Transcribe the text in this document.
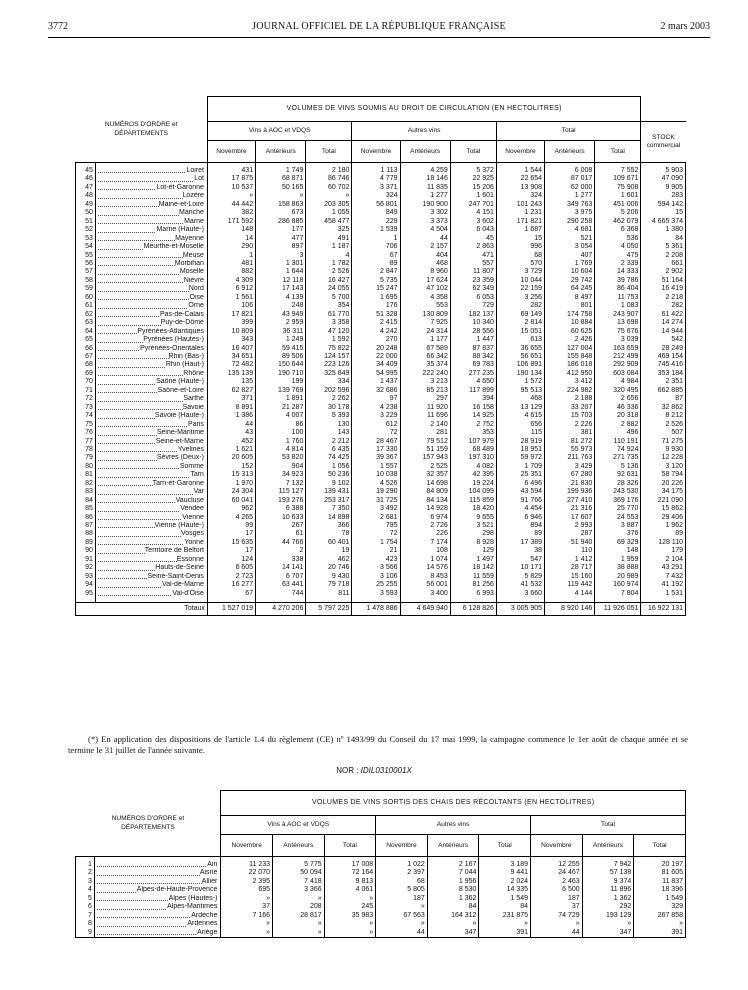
3772	JOURNAL OFFICIEL DE LA RÉPUBLIQUE FRANÇAISE	2 mars 2003
NUMÉROS D'ORDRE et DÉPARTEMENTS		VOLUMES DE VINS SOUMIS AU DROIT DE CIRCULATION (EN HECTOLITRES)									
		Vins à AOC et VDQS			Autres vins			Total			STOCK commercial

		Novembre	Antérieurs	Total	Novembre	Antérieurs	Total	Novembre	Antérieurs	Total	

45	Loiret	431	1 749	2 180	1 113	4 259	5 372	1 544	6 008	7 552	5 903
46	Lot	17 875	68 871	86 746	4 779	18 146	22 925	22 654	87 017	109 671	47 090
47	Lot-et-Garonne	10 537	50 165	60 702	3 371	11 835	15 206	13 908	62 000	75 908	9 905
48	Lozère	»	»	»	324	1 277	1 601	324	1 277	1 601	283
49	Maine-et-Loire	44 442	158 863	203 305	56 801	190 900	247 701	101 243	349 763	451 006	594 142
50	Manche	382	673	1 055	849	3 302	4 151	1 231	3 975	5 206	15
51	Marne	171 592	286 885	458 477	229	3 373	3 602	171 821	290 258	462 079	4 665 374
52	Marne (Haute-)	148	177	325	1 539	4 504	6 043	1 687	4 681	6 368	1 380
53	Mayenne	14	477	491	1	44	45	15	521	536	84
54	Meurthe-et-Moselle	290	897	1 187	706	2 157	2 863	996	3 054	4 050	5 361
55	Meuse	1	3	4	67	404	471	68	407	475	2 208
56	Morbihan	481	1 301	1 782	89	468	557	570	1 769	2 339	661
57	Moselle	882	1 644	2 526	2 847	8 960	11 807	3 729	10 604	14 333	2 902
58	Nièvre	4 309	12 118	16 427	5 735	17 624	23 359	10 044	29 742	39 786	51 164
59	Nord	6 912	17 143	24 055	15 247	47 102	62 349	22 159	64 245	86 404	16 419
60	Oise	1 561	4 139	5 700	1 695	4 358	6 053	3 256	8 497	11 753	2 218
61	Orne	106	248	354	176	553	729	282	801	1 083	282
62	Pas-de-Calais	17 821	43 949	61 770	51 328	130 809	182 137	69 149	174 758	243 907	61 422
63	Puy-de-Dôme	399	2 959	3 358	2 415	7 925	10 340	2 814	10 884	13 698	14 274
64	Pyrénées-Atlantiques	10 809	36 311	47 120	4 242	24 314	28 556	15 051	60 625	75 676	14 944
65	Pyrénées (Hautes-)	343	1 249	1 592	270	1 177	1 447	613	2 426	3 039	542
66	Pyrénées-Orientales	16 407	59 415	75 822	20 248	67 589	87 837	36 655	127 004	163 659	28 249
67	Rhin (Bas-)	34 651	89 506	124 157	22 000	66 342	88 342	56 651	155 848	212 499	469 154
68	Rhin (Haut-)	72 482	150 644	223 126	34 409	35 374	69 783	106 891	186 018	292 909	745 416
69	Rhône	135 139	190 710	325 849	54 995	222 240	277 235	190 134	412 950	603 084	353 184
70	Saône (Haute-)	135	199	334	1 437	3 213	4 650	1 572	3 412	4 984	2 351
71	Saône-et-Loire	62 827	139 769	202 596	32 686	85 213	117 899	95 513	224 982	320 495	662 885
72	Sarthe	371	1 891	2 262	97	297	394	468	2 188	2 656	87
73	Savoie	8 891	21 287	30 178	4 238	11 920	16 158	13 129	33 207	46 336	32 862
74	Savoie (Haute-)	1 386	4 007	5 393	3 229	11 696	14 925	4 615	15 703	20 318	8 212
75	Paris	44	86	130	612	2 140	2 752	656	2 226	2 882	2 526
76	Seine-Maritime	43	100	143	72	281	353	115	381	496	507
77	Seine-et-Marne	452	1 760	2 212	28 467	79 512	107 979	28 919	81 272	110 191	71 275
78	Yvelines	1 621	4 814	6 435	17 330	51 159	68 489	18 951	55 973	74 924	9 930
79	Sèvres (Deux-)	20 605	53 820	74 425	39 367	157 943	197 310	59 972	211 763	271 735	12 228
80	Somme	152	904	1 056	1 557	2 525	4 082	1 709	3 429	5 136	3 120
81	Tarn	15 313	34 923	50 236	10 038	32 357	42 395	25 351	67 280	92 631	58 794
82	Tarn-et-Garonne	1 970	7 132	9 102	4 526	14 698	19 224	6 496	21 830	28 326	20 226
83	Var	24 304	115 127	139 431	19 290	84 809	104 099	43 594	199 936	243 530	34 175
84	Vaucluse	60 041	193 276	253 317	31 725	84 134	115 859	91 766	277 410	369 176	221 090
85	Vendée	962	6 388	7 350	3 492	14 928	18 420	4 454	21 316	25 770	15 862
86	Vienne	4 265	10 633	14 898	2 681	6 974	9 655	6 946	17 607	24 553	29 406
87	Vienne (Haute-)	99	267	366	795	2 726	3 521	894	2 993	3 887	1 962
88	Vosges	17	61	78	72	226	298	89	287	376	89
89	Yonne	15 635	44 766	60 401	1 754	7 174	8 928	17 389	51 940	69 329	128 110
90	Territoire de Belfort	17	2	19	21	108	129	38	110	148	179
91	Essonne	124	338	462	423	1 074	1 497	547	1 412	1 959	2 104
92	Hauts-de-Seine	6 605	14 141	20 746	3 566	14 576	18 142	10 171	28 717	38 888	43 291
93	Seine-Saint-Denis	2 723	6 707	9 430	3 106	8 453	11 559	5 829	15 160	20 989	7 432
94	Val-de-Marne	16 277	63 441	79 718	25 255	56 001	81 256	41 532	119 442	160 974	41 192
95	Val-d'Oise	67	744	811	3 593	3 400	6 993	3 660	4 144	7 804	1 531

Totaux		1 527 019	4 270 206	5 797 225	1 478 886	4 649 940	6 128 826	3 005 905	8 920 146	11 926 051	16 922 131
(*) En application des dispositions de l'article 1.4 du règlement (CE) nº 1493/99 du Conseil du 17 mai 1999, la campagne commence le 1er août de chaque année et se termine le 31 juillet de l'année suivante.
NOR : IDIL0310001X
NUMÉROS D'ORDRE et DÉPARTEMENTS		VOLUMES DE VINS SORTIS DES CHAIS DES RÉCOLTANTS (EN HECTOLITRES)								
		Vins à AOC et VDQS			Autres vins			Total		
		Novembre	Antérieurs	Total	Novembre	Antérieurs	Total	Novembre	Antérieurs	Total

1	Ain	11 233	5 775	17 008	1 022	2 167	3 189	12 255	7 942	20 197
2	Aisne	22 070	50 094	72 164	2 397	7 044	9 441	24 467	57 138	81 605
3	Allier	2 395	7 418	9 813	68	1 956	2 024	2 463	9 374	11 837
4	Alpes-de-Haute-Provence	695	3 366	4 061	5 805	8 530	14 335	6 500	11 896	18 396
5	Alpes (Hautes-)	»	»	»	187	1 362	1 549	187	1 362	1 549
6	Alpes-Maritimes	37	208	245	»	84	84	37	292	329
7	Ardèche	7 166	28 817	35 983	67 563	164 312	231 875	74 729	193 129	267 858
8	Ardennes	»	»	»	»	»	»	»	»	»
9	Ariège	»	»	»	44	347	391	44	347	391
